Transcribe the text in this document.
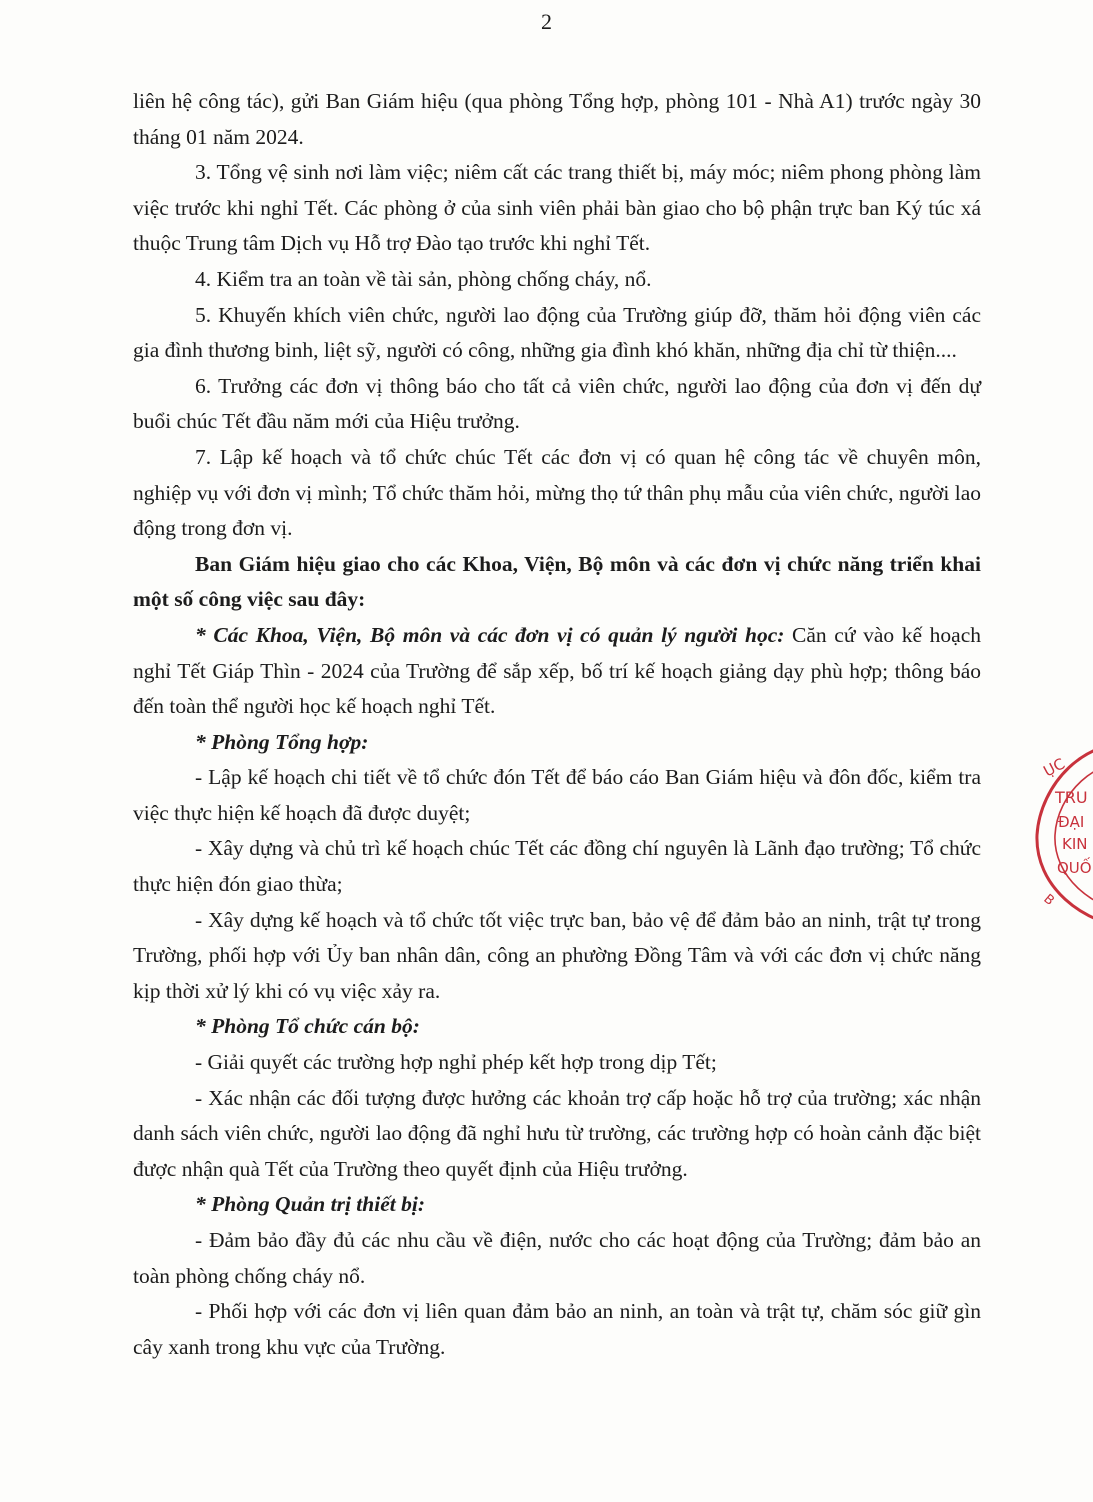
2

liên hệ công tác), gửi Ban Giám hiệu (qua phòng Tổng hợp, phòng 101 - Nhà A1) trước ngày 30 tháng 01 năm 2024.

3. Tổng vệ sinh nơi làm việc; niêm cất các trang thiết bị, máy móc; niêm phong phòng làm việc trước khi nghỉ Tết. Các phòng ở của sinh viên phải bàn giao cho bộ phận trực ban Ký túc xá thuộc Trung tâm Dịch vụ Hỗ trợ Đào tạo trước khi nghỉ Tết.

4. Kiểm tra an toàn về tài sản, phòng chống cháy, nổ.

5. Khuyến khích viên chức, người lao động của Trường giúp đỡ, thăm hỏi động viên các gia đình thương binh, liệt sỹ, người có công, những gia đình khó khăn, những địa chỉ từ thiện....

6. Trưởng các đơn vị thông báo cho tất cả viên chức, người lao động của đơn vị đến dự buổi chúc Tết đầu năm mới của Hiệu trưởng.

7. Lập kế hoạch và tổ chức chúc Tết các đơn vị có quan hệ công tác về chuyên môn, nghiệp vụ với đơn vị mình; Tổ chức thăm hỏi, mừng thọ tứ thân phụ mẫu của viên chức, người lao động trong đơn vị.

Ban Giám hiệu giao cho các Khoa, Viện, Bộ môn và các đơn vị chức năng triển khai một số công việc sau đây:

* Các Khoa, Viện, Bộ môn và các đơn vị có quản lý người học: Căn cứ vào kế hoạch nghỉ Tết Giáp Thìn - 2024 của Trường để sắp xếp, bố trí kế hoạch giảng dạy phù hợp; thông báo đến toàn thể người học kế hoạch nghỉ Tết.

* Phòng Tổng hợp:

- Lập kế hoạch chi tiết về tổ chức đón Tết để báo cáo Ban Giám hiệu và đôn đốc, kiểm tra việc thực hiện kế hoạch đã được duyệt;

- Xây dựng và chủ trì kế hoạch chúc Tết các đồng chí nguyên là Lãnh đạo trường; Tổ chức thực hiện đón giao thừa;

- Xây dựng kế hoạch và tổ chức tốt việc trực ban, bảo vệ để đảm bảo an ninh, trật tự trong Trường, phối hợp với Ủy ban nhân dân, công an phường Đồng Tâm và với các đơn vị chức năng kịp thời xử lý khi có vụ việc xảy ra.

* Phòng Tổ chức cán bộ:

- Giải quyết các trường hợp nghỉ phép kết hợp trong dịp Tết;

- Xác nhận các đối tượng được hưởng các khoản trợ cấp hoặc hỗ trợ của trường; xác nhận danh sách viên chức, người lao động đã nghỉ hưu từ trường, các trường hợp có hoàn cảnh đặc biệt được nhận quà Tết của Trường theo quyết định của Hiệu trưởng.

* Phòng Quản trị thiết bị:

- Đảm bảo đầy đủ các nhu cầu về điện, nước cho các hoạt động của Trường; đảm bảo an toàn phòng chống cháy nổ.

- Phối hợp với các đơn vị liên quan đảm bảo an ninh, an toàn và trật tự, chăm sóc giữ gìn cây xanh trong khu vực của Trường.

ỤC
TRU
ĐẠI
KIN
QUỐ
B
